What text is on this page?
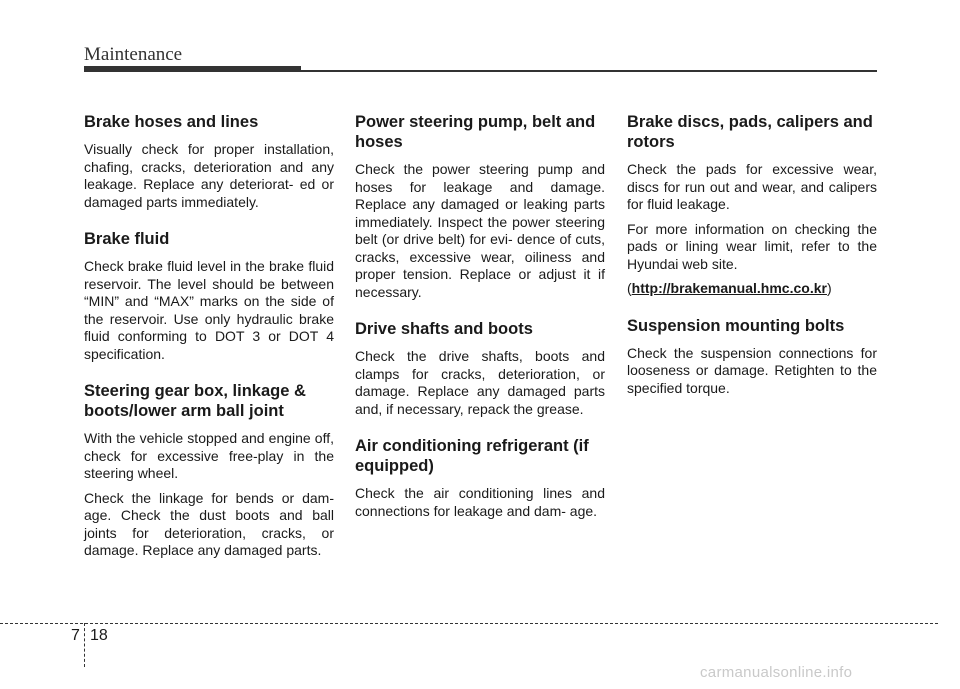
Maintenance
Brake hoses and lines

Visually check for proper installation, chafing, cracks, deterioration and any leakage. Replace any deteriorat- ed or damaged parts immediately.

Brake fluid

Check brake fluid level in the brake fluid reservoir. The level should be between “MIN” and “MAX” marks on the side of the reservoir. Use only hydraulic brake fluid conforming to DOT 3 or DOT 4 specification.

Steering gear box, linkage & boots/lower arm ball joint

With the vehicle stopped and engine off, check for excessive free-play in the steering wheel.

Check the linkage for bends or dam- age. Check the dust boots and ball joints for deterioration, cracks, or damage. Replace any damaged parts.

Power steering pump, belt and hoses

Check the power steering pump and hoses for leakage and damage. Replace any damaged or leaking parts immediately. Inspect the power steering belt (or drive belt) for evi- dence of cuts, cracks, excessive wear, oiliness and proper tension. Replace or adjust it if necessary.

Drive shafts and boots

Check the drive shafts, boots and clamps for cracks, deterioration, or damage. Replace any damaged parts and, if necessary, repack the grease.

Air conditioning refrigerant (if equipped)

Check the air conditioning lines and connections for leakage and dam- age.

Brake discs, pads, calipers and rotors

Check the pads for excessive wear, discs for run out and wear, and calipers for fluid leakage.

For more information on checking the pads or lining wear limit, refer to the Hyundai web site.

(http://brakemanual.hmc.co.kr)

Suspension mounting bolts

Check the suspension connections for looseness or damage. Retighten to the specified torque.

7 18
carmanualsonline.info
